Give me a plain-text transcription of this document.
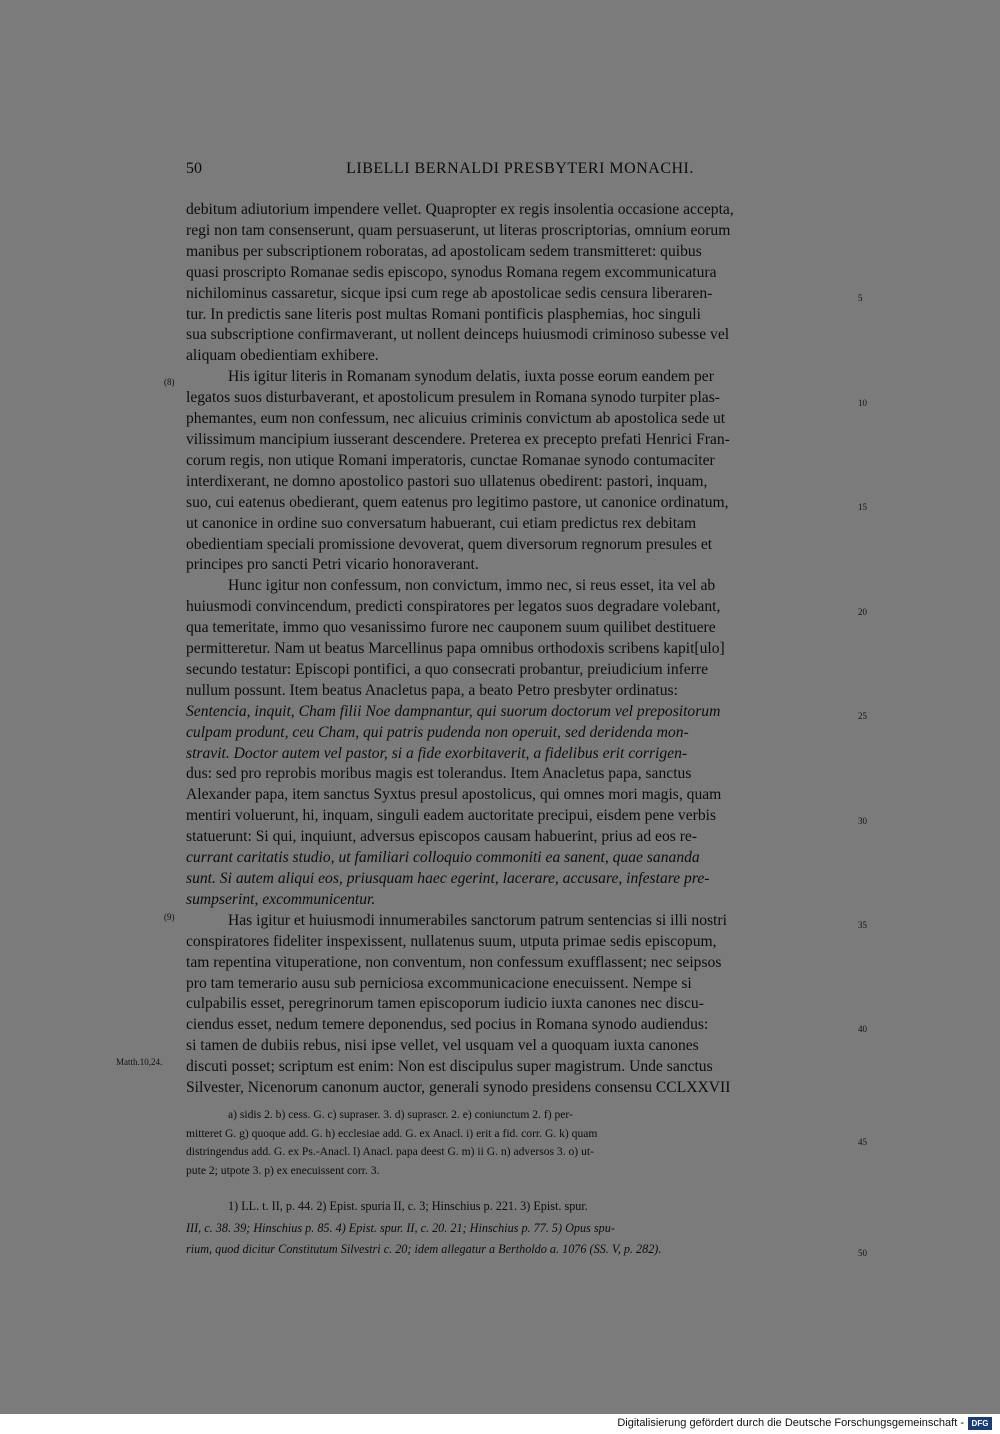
50	LIBELLI BERNALDI PRESBYTERI MONACHI.

debitum adiutorium impendere vellet. Quapropter ex regis insolentia occasione accepta,
regi non tam consenserunt, quam persuaserunt, ut literas proscriptorias, omnium eorum
manibus per subscriptionem roboratas, ad apostolicam sedem transmitteret: quibus
quasi proscripto Romanae sedis episcopo, synodus Romana regem excommunicatura
nichilominus cassaretur, sicque ipsi cum rege ab apostolicae sedis censura liberaren-
tur. In predictis sane literis post multas Romani pontificis plasphemias, hoc singuli
sua subscriptione confirmaverant, ut nollent deinceps huiusmodi criminoso subesse vel
aliquam obedientiam exhibere.

His igitur literis in Romanam synodum delatis, iuxta posse eorum eandem per
legatos suos disturbaverant, et apostolicum presulem in Romana synodo turpiter plas-
phemantes, eum non confessum, nec alicuius criminis convictum ab apostolica sede ut
vilissimum mancipium iusserant descendere. Preterea ex precepto prefati Henrici Fran-
corum regis, non utique Romani imperatoris, cunctae Romanae synodo contumaciter
interdixerant, ne domno apostolico pastori suo ullatenus obedirent: pastori, inquam,
suo, cui eatenus obedierant, quem eatenus pro legitimo pastore, ut canonice ordinatum,
ut canonice in ordine suo conversatum habuerant, cui etiam predictus rex debitam
obedientiam speciali promissione devoverat, quem diversorum regnorum presules et
principes pro sancti Petri vicario honoraverant.

Hunc igitur non confessum, non convictum, immo nec, si reus esset, ita vel ab
huiusmodi convincendum, predicti conspiratores per legatos suos degradare volebant,
qua temeritate, immo quo vesanissimo furore nec cauponem suum quilibet destituere
permitteretur. Nam ut beatus Marcellinus papa omnibus orthodoxis scribens kapit[ulo]
secundo testatur: Episcopi pontifici, a quo consecrati probantur, preiudicium inferre
nullum possunt. Item beatus Anacletus papa, a beato Petro presbyter ordinatus:
Sentencia, inquit, Cham filii Noe dampnantur, qui suorum doctorum vel prepositorum
culpam produnt, ceu Cham, qui patris pudenda non operuit, sed deridenda mon-
stravit. Doctor autem vel pastor, si a fide exorbitaverit, a fidelibus erit corrigen-
dus: sed pro reprobis moribus magis est tolerandus. Item Anacletus papa, sanctus
Alexander papa, item sanctus Syxtus presul apostolicus, qui omnes mori magis, quam
mentiri voluerunt, hi, inquam, singuli eadem auctoritate precipui, eisdem pene verbis
statuerunt: Si qui, inquiunt, adversus episcopos causam habuerint, prius ad eos re-
currant caritatis studio, ut familiari colloquio commoniti ea sanent, quae sananda
sunt. Si autem aliqui eos, priusquam haec egerint, lacerare, accusare, infestare pre-
sumpserint, excommunicentur.

Has igitur et huiusmodi innumerabiles sanctorum patrum sentencias si illi nostri
conspiratores fideliter inspexissent, nullatenus suum, utputa primae sedis episcopum,
tam repentina vituperatione, non conventum, non confessum exufflassent; nec seipsos
pro tam temerario ausu sub perniciosa excommunicacione enecuissent. Nempe si
culpabilis esset, peregrinorum tamen episcoporum iudicio iuxta canones nec discu-
ciendus esset, nedum temere deponendus, sed pocius in Romana synodo audiendus:
si tamen de dubiis rebus, nisi ipse vellet, vel usquam vel a quoquam iuxta canones
discuti posset; scriptum est enim: Non est discipulus super magistrum. Unde sanctus
Silvester, Nicenorum canonum auctor, generali synodo presidens consensu CCLXXVII

(8)
(9)
Matth.10,24.
5
10
15
20
25
30
35
40
45
50
a) sidis 2. b) cess. G. c) supraser. 3. d) suprascr. 2. e) coniunctum 2. f) per-
mitteret G. g) quoque add. G. h) ecclesiae add. G. ex Anacl. i) erit a fid. corr. G. k) quam
distringendus add. G. ex Ps.-Anacl. l) Anacl. papa deest G. m) ii G. n) adversos 3. o) ut-
pute 2; utpote 3. p) ex enecuissent corr. 3.
1) LL. t. II, p. 44. 2) Epist. spuria II, c. 3; Hinschius p. 221. 3) Epist. spur.
III, c. 38. 39; Hinschius p. 85. 4) Epist. spur. II, c. 20. 21; Hinschius p. 77. 5) Opus spu-
rium, quod dicitur Constitutum Silvestri c. 20; idem allegatur a Bertholdo a. 1076 (SS. V, p. 282).
Digitalisierung gefördert durch die Deutsche Forschungsgemeinschaft - DFG
